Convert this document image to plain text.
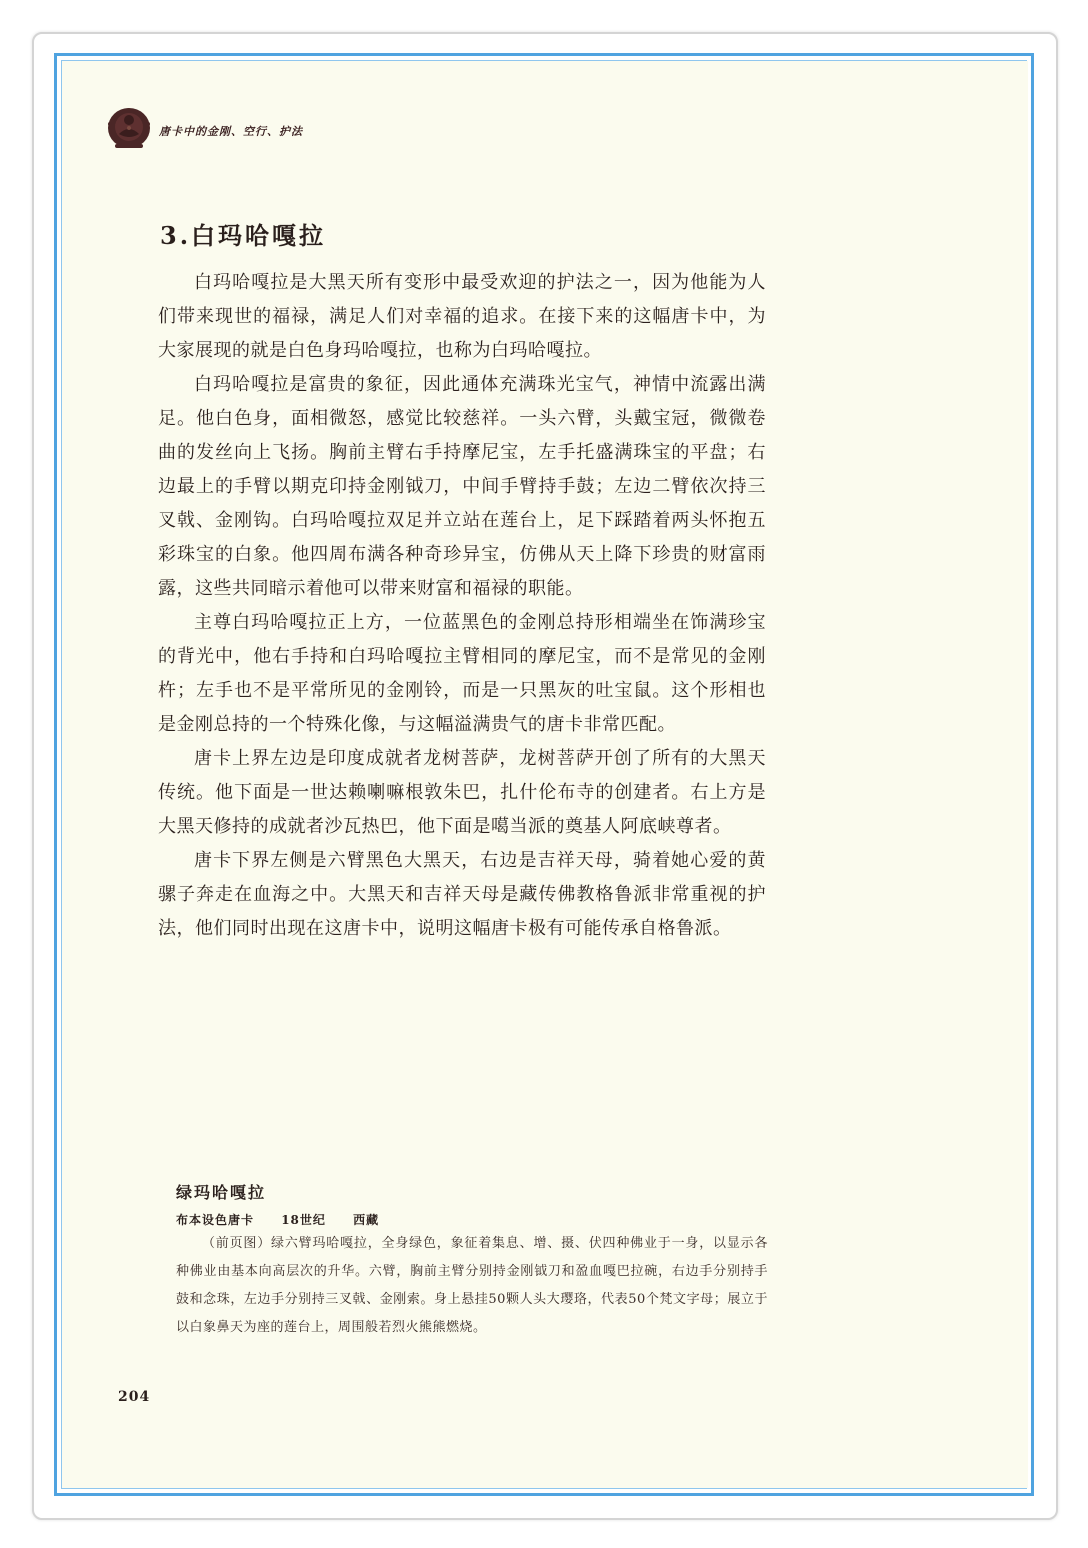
唐卡中的金刚、空行、护法
3.白玛哈嘎拉

白玛哈嘎拉是大黑天所有变形中最受欢迎的护法之一，因为他能为人们带来现世的福禄，满足人们对幸福的追求。在接下来的这幅唐卡中，为大家展现的就是白色身玛哈嘎拉，也称为白玛哈嘎拉。

白玛哈嘎拉是富贵的象征，因此通体充满珠光宝气，神情中流露出满足。他白色身，面相微怒，感觉比较慈祥。一头六臂，头戴宝冠，微微卷曲的发丝向上飞扬。胸前主臂右手持摩尼宝，左手托盛满珠宝的平盘；右边最上的手臂以期克印持金刚钺刀，中间手臂持手鼓；左边二臂依次持三叉戟、金刚钩。白玛哈嘎拉双足并立站在莲台上，足下踩踏着两头怀抱五彩珠宝的白象。他四周布满各种奇珍异宝，仿佛从天上降下珍贵的财富雨露，这些共同暗示着他可以带来财富和福禄的职能。

主尊白玛哈嘎拉正上方，一位蓝黑色的金刚总持形相端坐在饰满珍宝的背光中，他右手持和白玛哈嘎拉主臂相同的摩尼宝，而不是常见的金刚杵；左手也不是平常所见的金刚铃，而是一只黑灰的吐宝鼠。这个形相也是金刚总持的一个特殊化像，与这幅溢满贵气的唐卡非常匹配。

唐卡上界左边是印度成就者龙树菩萨，龙树菩萨开创了所有的大黑天传统。他下面是一世达赖喇嘛根敦朱巴，扎什伦布寺的创建者。右上方是大黑天修持的成就者沙瓦热巴，他下面是噶当派的奠基人阿底峡尊者。

唐卡下界左侧是六臂黑色大黑天，右边是吉祥天母，骑着她心爱的黄骡子奔走在血海之中。大黑天和吉祥天母是藏传佛教格鲁派非常重视的护法，他们同时出现在这唐卡中，说明这幅唐卡极有可能传承自格鲁派。

绿玛哈嘎拉

布本设色唐卡 18世纪 西藏

（前页图）绿六臂玛哈嘎拉，全身绿色，象征着集息、增、摄、伏四种佛业于一身，以显示各种佛业由基本向高层次的升华。六臂，胸前主臂分别持金刚钺刀和盈血嘎巴拉碗，右边手分别持手鼓和念珠，左边手分别持三叉戟、金刚索。身上悬挂50颗人头大璎珞，代表50个梵文字母；展立于以白象鼻天为座的莲台上，周围般若烈火熊熊燃烧。

204
